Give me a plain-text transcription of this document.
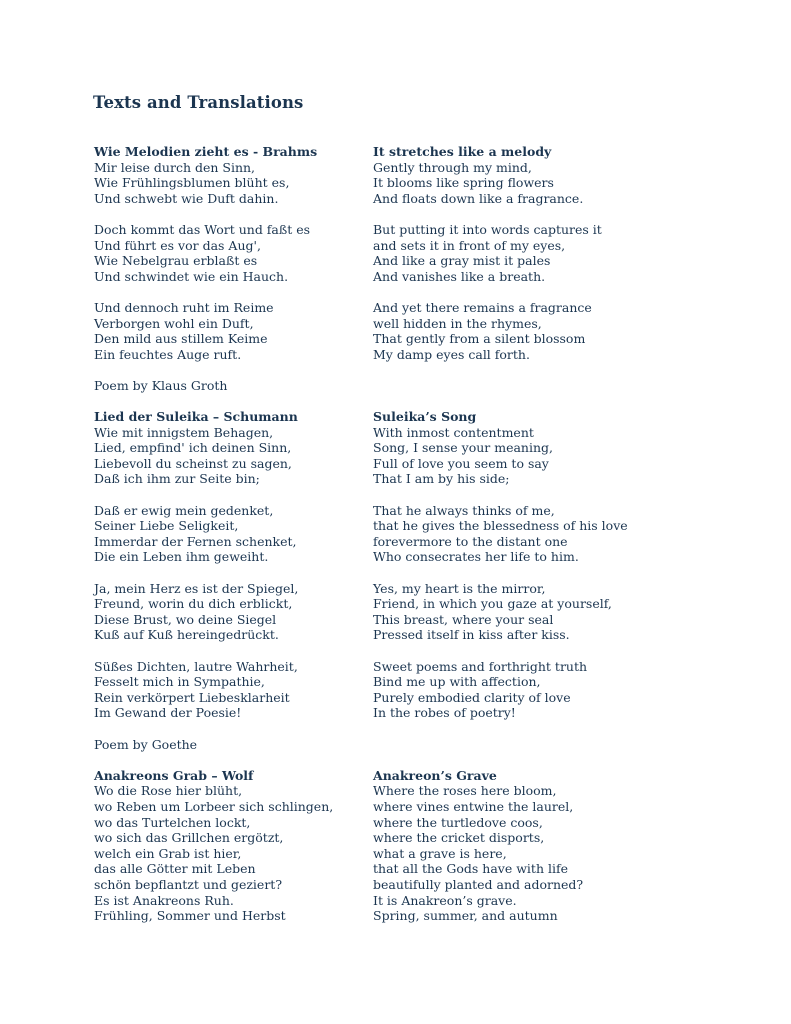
Texts and Translations
Wie Melodien zieht es - Brahms
Mir leise durch den Sinn,
Wie Frühlingsblumen blüht es,
Und schwebt wie Duft dahin.
Doch kommt das Wort und faßt es
Und führt es vor das Aug',
Wie Nebelgrau erblaßt es
Und schwindet wie ein Hauch.
Und dennoch ruht im Reime
Verborgen wohl ein Duft,
Den mild aus stillem Keime
Ein feuchtes Auge ruft.
Poem by Klaus Groth
Lied der Suleika – Schumann
Wie mit innigstem Behagen,
Lied, empfind' ich deinen Sinn,
Liebevoll du scheinst zu sagen,
Daß ich ihm zur Seite bin;
Daß er ewig mein gedenket,
Seiner Liebe Seligkeit,
Immerdar der Fernen schenket,
Die ein Leben ihm geweiht.
Ja, mein Herz es ist der Spiegel,
Freund, worin du dich erblickt,
Diese Brust, wo deine Siegel
Kuß auf Kuß hereingedrückt.
Süßes Dichten, lautre Wahrheit,
Fesselt mich in Sympathie,
Rein verkörpert Liebesklarheit
Im Gewand der Poesie!
Poem by Goethe
Anakreons Grab – Wolf
Wo die Rose hier blüht,
wo Reben um Lorbeer sich schlingen,
wo das Turtelchen lockt,
wo sich das Grillchen ergötzt,
welch ein Grab ist hier,
das alle Götter mit Leben
schön bepflantzt und geziert?
Es ist Anakreons Ruh.
Frühling, Sommer und Herbst
It stretches like a melody
Gently through my mind,
It blooms like spring flowers
And floats down like a fragrance.
But putting it into words captures it
and sets it in front of my eyes,
And like a gray mist it pales
And vanishes like a breath.
And yet there remains a fragrance
well hidden in the rhymes,
That gently from a silent blossom
My damp eyes call forth.
Suleika’s Song
With inmost contentment
Song, I sense your meaning,
Full of love you seem to say
That I am by his side;
That he always thinks of me,
that he gives the blessedness of his love
forevermore to the distant one
Who consecrates her life to him.
Yes, my heart is the mirror,
Friend, in which you gaze at yourself,
This breast, where your seal
Pressed itself in kiss after kiss.
Sweet poems and forthright truth
Bind me up with affection,
Purely embodied clarity of love
In the robes of poetry!
Anakreon’s Grave
Where the roses here bloom,
where vines entwine the laurel,
where the turtledove coos,
where the cricket disports,
what a grave is here,
that all the Gods have with life
beautifully planted and adorned?
It is Anakreon’s grave.
Spring, summer, and autumn
